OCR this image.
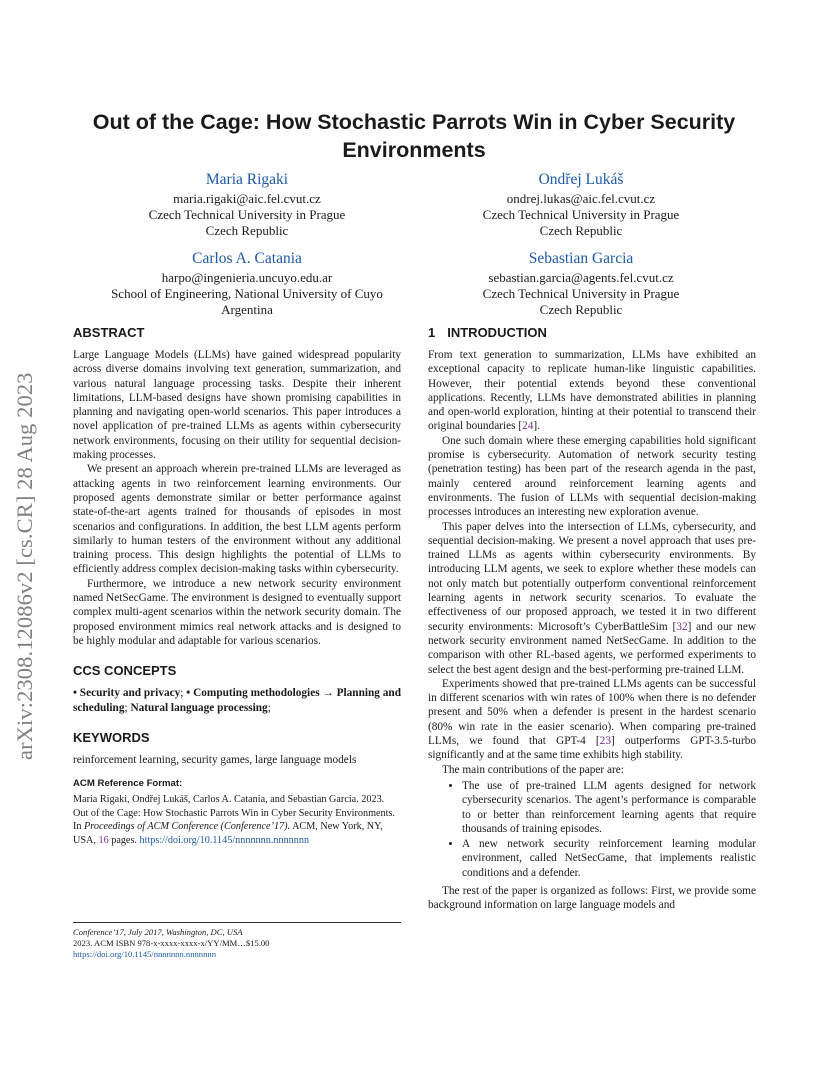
arXiv:2308.12086v2 [cs.CR] 28 Aug 2023
Out of the Cage: How Stochastic Parrots Win in Cyber Security Environments
Maria Rigaki
maria.rigaki@aic.fel.cvut.cz
Czech Technical University in Prague
Czech Republic
Ondřej Lukáš
ondrej.lukas@aic.fel.cvut.cz
Czech Technical University in Prague
Czech Republic
Carlos A. Catania
harpo@ingenieria.uncuyo.edu.ar
School of Engineering, National University of Cuyo
Argentina
Sebastian Garcia
sebastian.garcia@agents.fel.cvut.cz
Czech Technical University in Prague
Czech Republic
ABSTRACT

Large Language Models (LLMs) have gained widespread popularity across diverse domains involving text generation, summarization, and various natural language processing tasks. Despite their inherent limitations, LLM-based designs have shown promising capabilities in planning and navigating open-world scenarios. This paper introduces a novel application of pre-trained LLMs as agents within cybersecurity network environments, focusing on their utility for sequential decision-making processes.

We present an approach wherein pre-trained LLMs are leveraged as attacking agents in two reinforcement learning environments. Our proposed agents demonstrate similar or better performance against state-of-the-art agents trained for thousands of episodes in most scenarios and configurations. In addition, the best LLM agents perform similarly to human testers of the environment without any additional training process. This design highlights the potential of LLMs to efficiently address complex decision-making tasks within cybersecurity.

Furthermore, we introduce a new network security environment named NetSecGame. The environment is designed to eventually support complex multi-agent scenarios within the network security domain. The proposed environment mimics real network attacks and is designed to be highly modular and adaptable for various scenarios.

CCS CONCEPTS

• Security and privacy; • Computing methodologies → Planning and scheduling; Natural language processing;

KEYWORDS

reinforcement learning, security games, large language models

ACM Reference Format:

Maria Rigaki, Ondřej Lukáš, Carlos A. Catania, and Sebastian Garcia. 2023. Out of the Cage: How Stochastic Parrots Win in Cyber Security Environments. In Proceedings of ACM Conference (Conference’17). ACM, New York, NY, USA, 16 pages. https://doi.org/10.1145/nnnnnnn.nnnnnnn

Conference’17, July 2017, Washington, DC, USA
2023. ACM ISBN 978-x-xxxx-xxxx-x/YY/MM…$15.00
https://doi.org/10.1145/nnnnnnn.nnnnnnn
1 INTRODUCTION

From text generation to summarization, LLMs have exhibited an exceptional capacity to replicate human-like linguistic capabilities. However, their potential extends beyond these conventional applications. Recently, LLMs have demonstrated abilities in planning and open-world exploration, hinting at their potential to transcend their original boundaries [24].

One such domain where these emerging capabilities hold significant promise is cybersecurity. Automation of network security testing (penetration testing) has been part of the research agenda in the past, mainly centered around reinforcement learning agents and environments. The fusion of LLMs with sequential decision-making processes introduces an interesting new exploration avenue.

This paper delves into the intersection of LLMs, cybersecurity, and sequential decision-making. We present a novel approach that uses pre-trained LLMs as agents within cybersecurity environments. By introducing LLM agents, we seek to explore whether these models can not only match but potentially outperform conventional reinforcement learning agents in network security scenarios. To evaluate the effectiveness of our proposed approach, we tested it in two different security environments: Microsoft’s CyberBattleSim [32] and our new network security environment named NetSecGame. In addition to the comparison with other RL-based agents, we performed experiments to select the best agent design and the best-performing pre-trained LLM.

Experiments showed that pre-trained LLMs agents can be successful in different scenarios with win rates of 100% when there is no defender present and 50% when a defender is present in the hardest scenario (80% win rate in the easier scenario). When comparing pre-trained LLMs, we found that GPT-4 [23] outperforms GPT-3.5-turbo significantly and at the same time exhibits high stability.

The main contributions of the paper are:

• The use of pre-trained LLM agents designed for network cybersecurity scenarios. The agent’s performance is comparable to or better than reinforcement learning agents that require thousands of training episodes.
• A new network security reinforcement learning modular environment, called NetSecGame, that implements realistic conditions and a defender.

The rest of the paper is organized as follows: First, we provide some background information on large language models and
